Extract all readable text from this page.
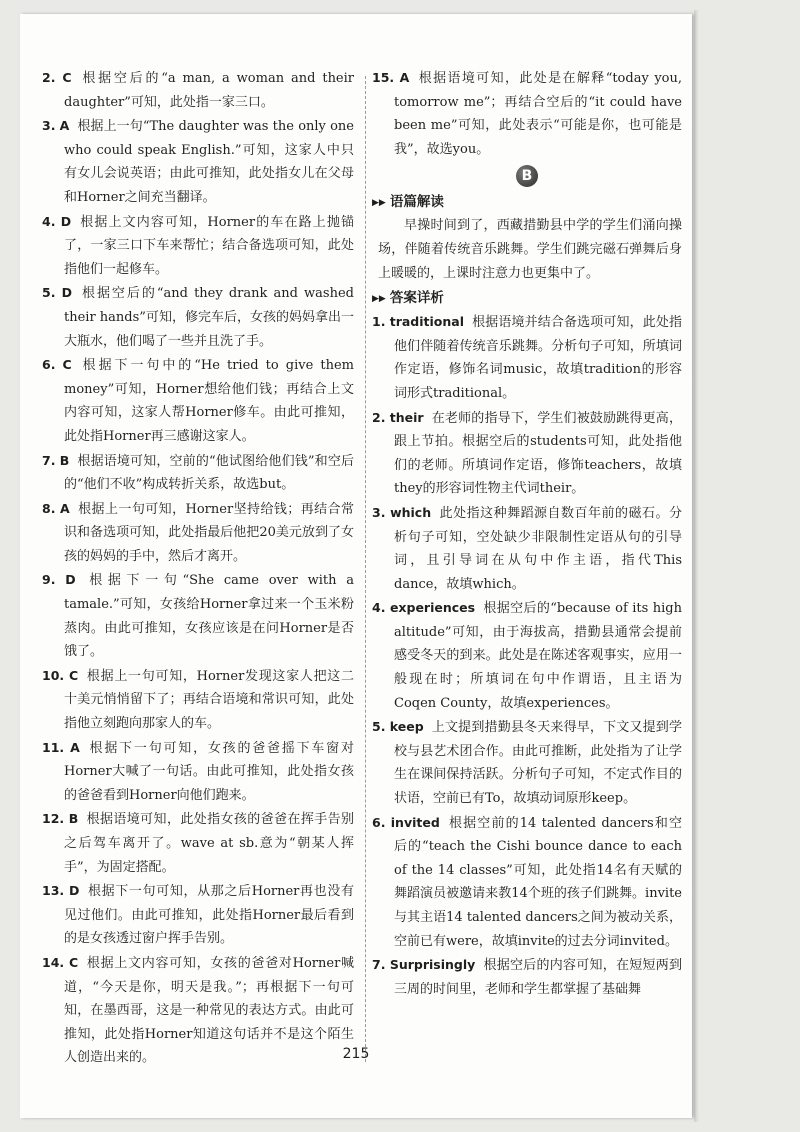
2. C 根据空后的“a man, a woman and their daughter”可知，此处指一家三口。

3. A 根据上一句“The daughter was the only one who could speak English.”可知，这家人中只有女儿会说英语；由此可推知，此处指女儿在父母和Horner之间充当翻译。

4. D 根据上文内容可知，Horner的车在路上抛锚了，一家三口下车来帮忙；结合备选项可知，此处指他们一起修车。

5. D 根据空后的“and they drank and washed their hands”可知，修完车后，女孩的妈妈拿出一大瓶水，他们喝了一些并且洗了手。

6. C 根据下一句中的“He tried to give them money”可知，Horner想给他们钱；再结合上文内容可知，这家人帮Horner修车。由此可推知，此处指Horner再三感谢这家人。

7. B 根据语境可知，空前的“他试图给他们钱”和空后的“他们不收”构成转折关系，故选but。

8. A 根据上一句可知，Horner坚持给钱；再结合常识和备选项可知，此处指最后他把20美元放到了女孩的妈妈的手中，然后才离开。

9. D 根据下一句“She came over with a tamale.”可知，女孩给Horner拿过来一个玉米粉蒸肉。由此可推知，女孩应该是在问Horner是否饿了。

10. C 根据上一句可知，Horner发现这家人把这二十美元悄悄留下了；再结合语境和常识可知，此处指他立刻跑向那家人的车。

11. A 根据下一句可知，女孩的爸爸摇下车窗对Horner大喊了一句话。由此可推知，此处指女孩的爸爸看到Horner向他们跑来。

12. B 根据语境可知，此处指女孩的爸爸在挥手告别之后驾车离开了。wave at sb.意为“朝某人挥手”，为固定搭配。

13. D 根据下一句可知，从那之后Horner再也没有见过他们。由此可推知，此处指Horner最后看到的是女孩透过窗户挥手告别。

14. C 根据上文内容可知，女孩的爸爸对Horner喊道，“今天是你，明天是我。”；再根据下一句可知，在墨西哥，这是一种常见的表达方式。由此可推知，此处指Horner知道这句话并不是这个陌生人创造出来的。

15. A 根据语境可知，此处是在解释“today you, tomorrow me”；再结合空后的“it could have been me”可知，此处表示“可能是你，也可能是我”，故选you。

B
▶▶ 语篇解读

早操时间到了，西藏措勤县中学的学生们涌向操场，伴随着传统音乐跳舞。学生们跳完磁石弹舞后身上暖暖的，上课时注意力也更集中了。

▶▶ 答案详析

1. traditional 根据语境并结合备选项可知，此处指他们伴随着传统音乐跳舞。分析句子可知，所填词作定语，修饰名词music，故填tradition的形容词形式traditional。

2. their 在老师的指导下，学生们被鼓励跳得更高，跟上节拍。根据空后的students可知，此处指他们的老师。所填词作定语，修饰teachers，故填they的形容词性物主代词their。

3. which 此处指这种舞蹈源自数百年前的磁石。分析句子可知，空处缺少非限制性定语从句的引导词，且引导词在从句中作主语，指代This dance，故填which。

4. experiences 根据空后的“because of its high altitude”可知，由于海拔高，措勤县通常会提前感受冬天的到来。此处是在陈述客观事实，应用一般现在时；所填词在句中作谓语，且主语为Coqen County，故填experiences。

5. keep 上文提到措勤县冬天来得早，下文又提到学校与县艺术团合作。由此可推断，此处指为了让学生在课间保持活跃。分析句子可知，不定式作目的状语，空前已有To，故填动词原形keep。

6. invited 根据空前的14 talented dancers和空后的“teach the Cishi bounce dance to each of the 14 classes”可知，此处指14名有天赋的舞蹈演员被邀请来教14个班的孩子们跳舞。invite与其主语14 talented dancers之间为被动关系，空前已有were，故填invite的过去分词invited。

7. Surprisingly 根据空后的内容可知，在短短两到三周的时间里，老师和学生都掌握了基础舞

215
